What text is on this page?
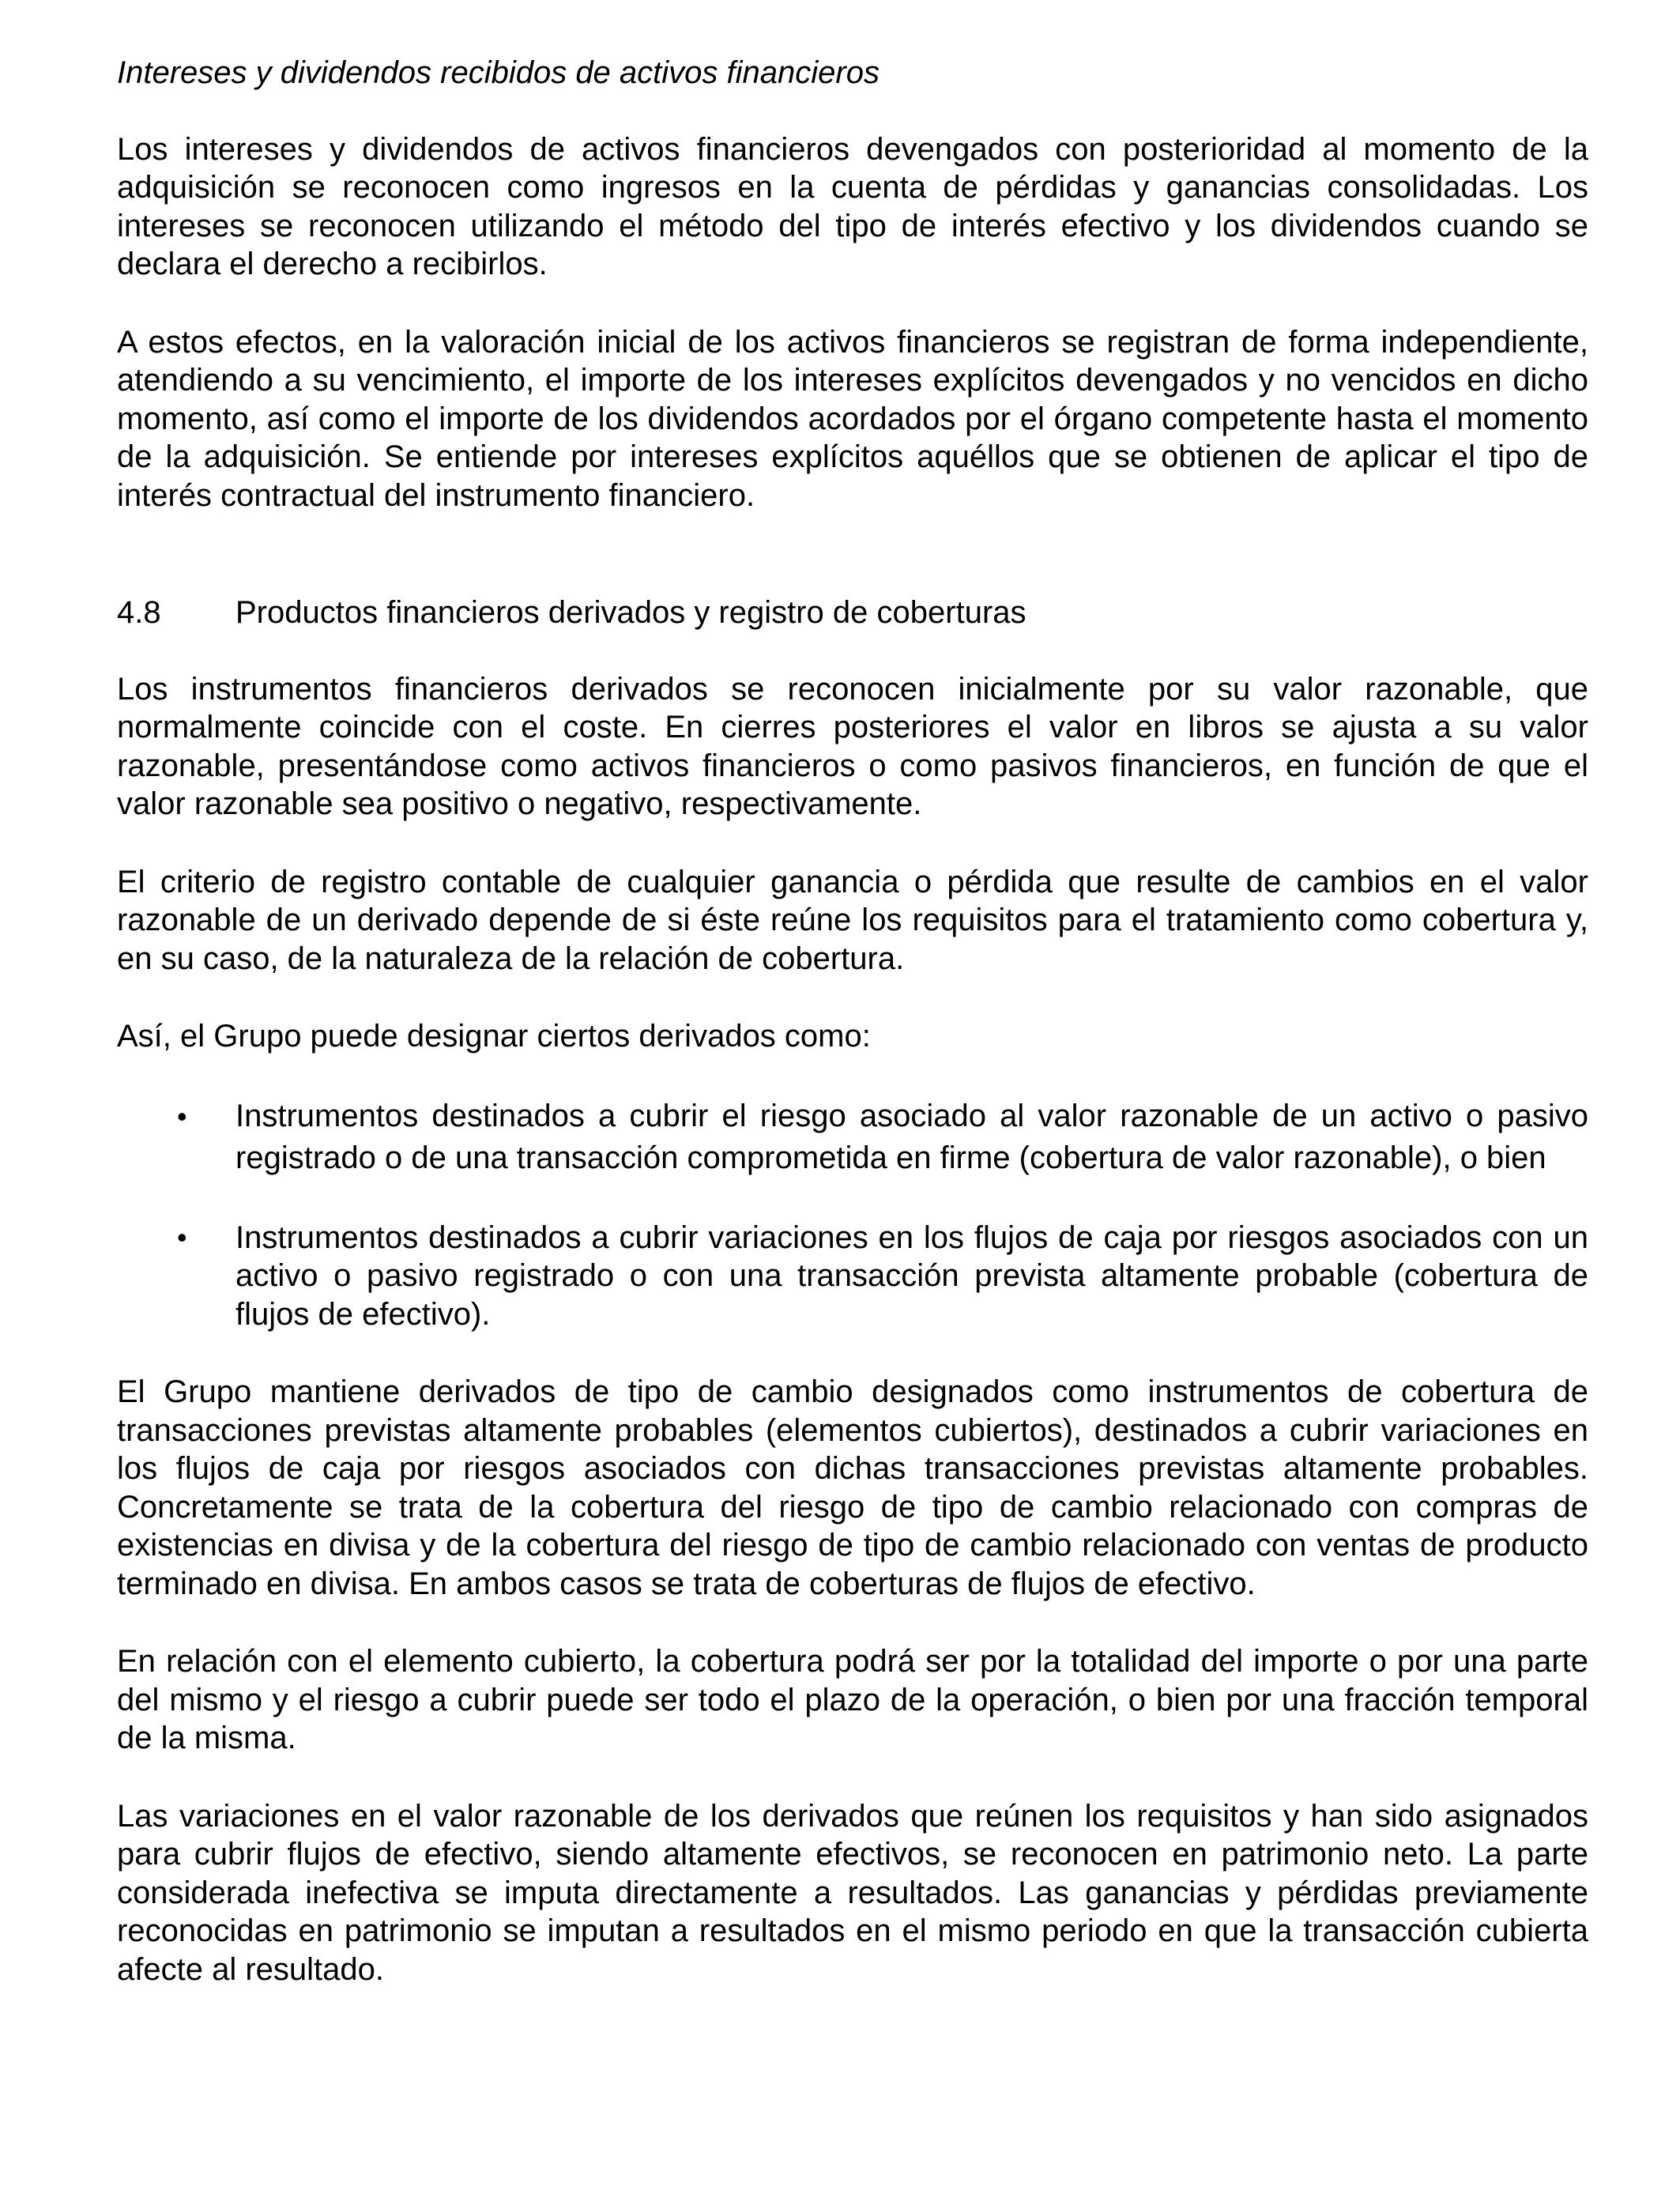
Intereses y dividendos recibidos de activos financieros

Los intereses y dividendos de activos financieros devengados con posterioridad al momento de la adquisición se reconocen como ingresos en la cuenta de pérdidas y ganancias consolidadas. Los intereses se reconocen utilizando el método del tipo de interés efectivo y los dividendos cuando se declara el derecho a recibirlos.

A estos efectos, en la valoración inicial de los activos financieros se registran de forma independiente, atendiendo a su vencimiento, el importe de los intereses explícitos devengados y no vencidos en dicho momento, así como el importe de los dividendos acordados por el órgano competente hasta el momento de la adquisición. Se entiende por intereses explícitos aquéllos que se obtienen de aplicar el tipo de interés contractual del instrumento financiero.

4.8	Productos financieros derivados y registro de coberturas

Los instrumentos financieros derivados se reconocen inicialmente por su valor razonable, que normalmente coincide con el coste. En cierres posteriores el valor en libros se ajusta a su valor razonable, presentándose como activos financieros o como pasivos financieros, en función de que el valor razonable sea positivo o negativo, respectivamente.

El criterio de registro contable de cualquier ganancia o pérdida que resulte de cambios en el valor razonable de un derivado depende de si éste reúne los requisitos para el tratamiento como cobertura y, en su caso, de la naturaleza de la relación de cobertura.

Así, el Grupo puede designar ciertos derivados como:

•	Instrumentos destinados a cubrir el riesgo asociado al valor razonable de un activo o pasivo registrado o de una transacción comprometida en firme (cobertura de valor razonable), o bien
•	Instrumentos destinados a cubrir variaciones en los flujos de caja por riesgos asociados con un activo o pasivo registrado o con una transacción prevista altamente probable (cobertura de flujos de efectivo).

El Grupo mantiene derivados de tipo de cambio designados como instrumentos de cobertura de transacciones previstas altamente probables (elementos cubiertos), destinados a cubrir variaciones en los flujos de caja por riesgos asociados con dichas transacciones previstas altamente probables. Concretamente se trata de la cobertura del riesgo de tipo de cambio relacionado con compras de existencias en divisa y de la cobertura del riesgo de tipo de cambio relacionado con ventas de producto terminado en divisa. En ambos casos se trata de coberturas de flujos de efectivo.

En relación con el elemento cubierto, la cobertura podrá ser por la totalidad del importe o por una parte del mismo y el riesgo a cubrir puede ser todo el plazo de la operación, o bien por una fracción temporal de la misma.

Las variaciones en el valor razonable de los derivados que reúnen los requisitos y han sido asignados para cubrir flujos de efectivo, siendo altamente efectivos, se reconocen en patrimonio neto. La parte considerada inefectiva se imputa directamente a resultados. Las ganancias y pérdidas previamente reconocidas en patrimonio se imputan a resultados en el mismo periodo en que la transacción cubierta afecte al resultado.
